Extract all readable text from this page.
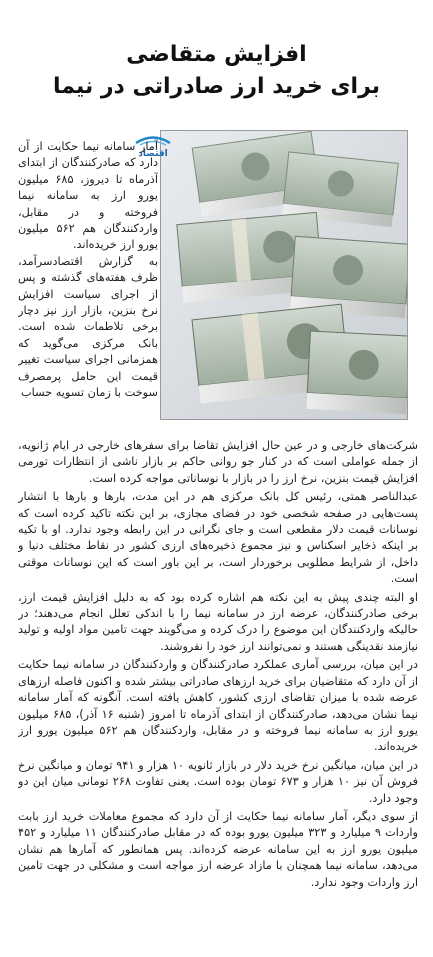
افزایش متقاضی
برای خرید ارز صادراتی در نیما
اقتصاد

آمار سامانه نیما حکایت از آن دارد که صادرکنندگان از ابتدای آذرماه تا دیروز، ۶۸۵ میلیون یورو ارز به سامانه نیما فروخته و در مقابل، واردکنندگان هم ۵۶۲ میلیون یورو ارز خریده‌اند.

به گزارش اقتصادسرآمد، ظرف هفته‌های گذشته و پس از اجرای سیاست افزایش نرخ بنزین، بازار ارز نیز دچار برخی تلاطمات شده است. بانک مرکزی می‌گوید که همزمانی اجرای سیاست تغییر قیمت این حامل پرمصرف سوخت با زمان تسویه حساب

شرکت‌های خارجی و در عین حال افزایش تقاضا برای سفرهای خارجی در ایام ژانویه، از جمله عواملی است که در کنار جو روانی حاکم بر بازار ناشی از انتظارات تورمی افزایش قیمت بنزین، نرخ ارز را در بازار با نوساناتی مواجه کرده است.

عبدالناصر همتی، رئیس کل بانک مرکزی هم در این مدت، بارها و بارها با انتشار پست‌هایی در صفحه شخصی خود در فضای مجازی، بر این نکته تاکید کرده است که نوسانات قیمت دلار مقطعی است و جای نگرانی در این رابطه وجود ندارد. او با تکیه بر اینکه ذخایر اسکناس و نیز مجموع ذخیره‌های ارزی کشور در نقاط مختلف دنیا و داخل، از شرایط مطلوبی برخوردار است، بر این باور است که این نوسانات موقتی است.

او البته چندی پیش به این نکته هم اشاره کرده بود که به دلیل افزایش قیمت ارز، برخی صادرکنندگان، عرضه ارز در سامانه نیما را با اندکی تعلل انجام می‌دهند؛ در حالیکه واردکنندگان این موضوع را درک کرده و می‌گویند جهت تامین مواد اولیه و تولید نیازمند نقدینگی هستند و نمی‌توانند ارز خود را نفروشند.

در این میان، بررسی آماری عملکرد صادرکنندگان و واردکنندگان در سامانه نیما حکایت از آن دارد که متقاضیان برای خرید ارزهای صادراتی بیشتر شده و اکنون فاصله ارزهای عرضه شده با میزان تقاضای ارزی کشور، کاهش یافته است. آنگونه که آمار سامانه نیما نشان می‌دهد، صادرکنندگان از ابتدای آذرماه تا امروز (شنبه ۱۶ آذر)، ۶۸۵ میلیون یورو ارز به سامانه نیما فروخته و در مقابل، واردکنندگان هم ۵۶۲ میلیون یورو ارز خریده‌اند.

در این میان، میانگین نرخ خرید دلار در بازار ثانویه ۱۰ هزار و ۹۴۱ تومان و میانگین نرخ فروش آن نیز ۱۰ هزار و ۶۷۳ تومان بوده است. یعنی تفاوت ۲۶۸ تومانی میان این دو وجود دارد.

از سوی دیگر، آمار سامانه نیما حکایت از آن دارد که مجموع معاملات خرید ارز بابت واردات ۹ میلیارد و ۳۲۳ میلیون یورو بوده که در مقابل صادرکنندگان ۱۱ میلیارد و ۴۵۲ میلیون یورو ارز به این سامانه عرضه کرده‌اند. پس همانطور که آمارها هم نشان می‌دهد، سامانه نیما همچنان با مازاد عرضه ارز مواجه است و مشکلی در جهت تامین ارز واردات وجود ندارد.
